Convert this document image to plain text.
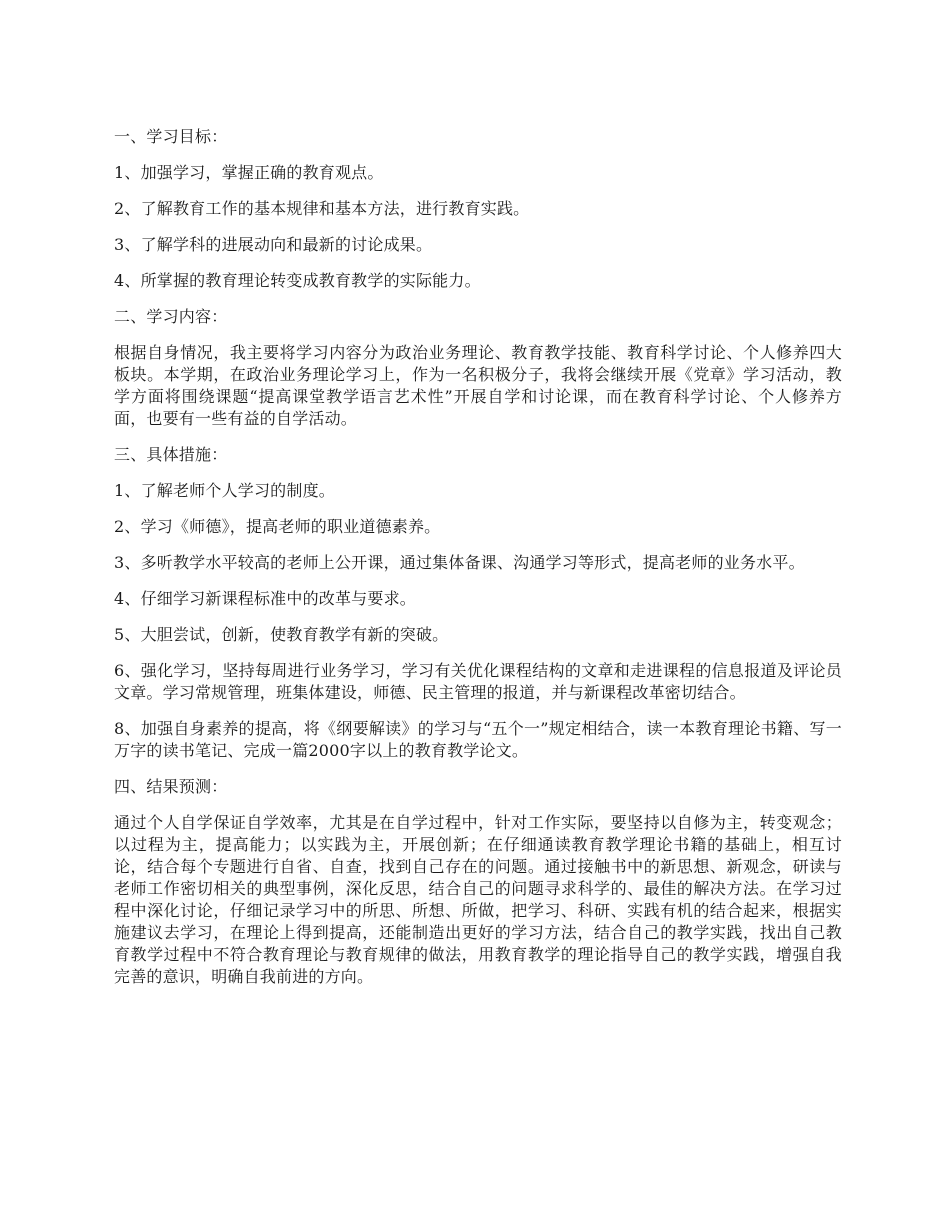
一、学习目标：

1、加强学习，掌握正确的教育观点。

2、了解教育工作的基本规律和基本方法，进行教育实践。

3、了解学科的进展动向和最新的讨论成果。

4、所掌握的教育理论转变成教育教学的实际能力。

二、学习内容：

根据自身情况，我主要将学习内容分为政治业务理论、教育教学技能、教育科学讨论、个人修养四大板块。本学期，在政治业务理论学习上，作为一名积极分子，我将会继续开展《党章》学习活动，教学方面将围绕课题“提高课堂教学语言艺术性”开展自学和讨论课，而在教育科学讨论、个人修养方面，也要有一些有益的自学活动。

三、具体措施：

1、了解老师个人学习的制度。

2、学习《师德》，提高老师的职业道德素养。

3、多听教学水平较高的老师上公开课，通过集体备课、沟通学习等形式，提高老师的业务水平。

4、仔细学习新课程标准中的改革与要求。

5、大胆尝试，创新，使教育教学有新的突破。

6、强化学习，坚持每周进行业务学习，学习有关优化课程结构的文章和走进课程的信息报道及评论员文章。学习常规管理，班集体建设，师德、民主管理的报道，并与新课程改革密切结合。

8、加强自身素养的提高，将《纲要解读》的学习与“五个一”规定相结合，读一本教育理论书籍、写一万字的读书笔记、完成一篇2000字以上的教育教学论文。

四、结果预测：

通过个人自学保证自学效率，尤其是在自学过程中，针对工作实际，要坚持以自修为主，转变观念；以过程为主，提高能力；以实践为主，开展创新；在仔细通读教育教学理论书籍的基础上，相互讨论，结合每个专题进行自省、自查，找到自己存在的问题。通过接触书中的新思想、新观念，研读与老师工作密切相关的典型事例，深化反思，结合自己的问题寻求科学的、最佳的解决方法。在学习过程中深化讨论，仔细记录学习中的所思、所想、所做，把学习、科研、实践有机的结合起来，根据实施建议去学习，在理论上得到提高，还能制造出更好的学习方法，结合自己的教学实践，找出自己教育教学过程中不符合教育理论与教育规律的做法，用教育教学的理论指导自己的教学实践，增强自我完善的意识，明确自我前进的方向。
